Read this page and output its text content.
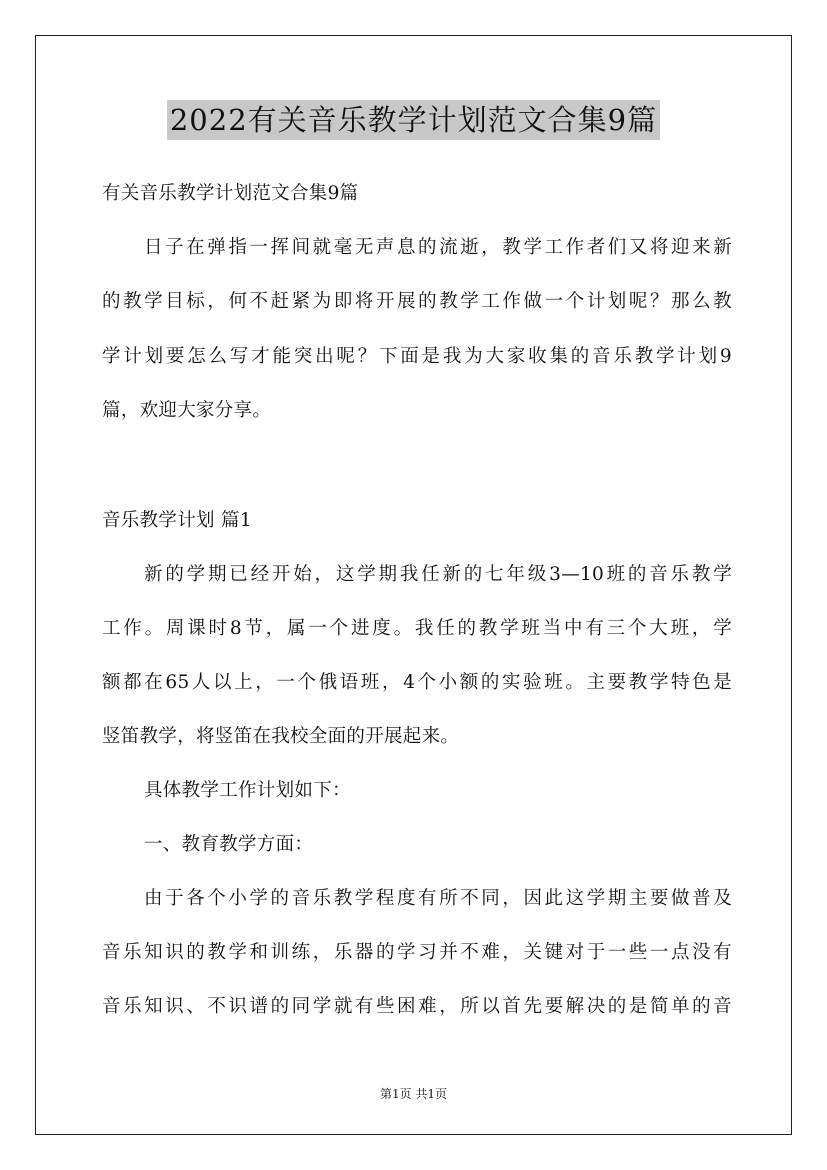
2022有关音乐教学计划范文合集9篇
有关音乐教学计划范文合集9篇
日子在弹指一挥间就毫无声息的流逝，教学工作者们又将迎来新
的教学目标，何不赶紧为即将开展的教学工作做一个计划呢？那么教
学计划要怎么写才能突出呢？下面是我为大家收集的音乐教学计划9
篇，欢迎大家分享。
音乐教学计划 篇1
新的学期已经开始，这学期我任新的七年级3—10班的音乐教学
工作。周课时8节，属一个进度。我任的教学班当中有三个大班，学
额都在65人以上，一个俄语班，4个小额的实验班。主要教学特色是
竖笛教学，将竖笛在我校全面的开展起来。
具体教学工作计划如下：
一、教育教学方面：
由于各个小学的音乐教学程度有所不同，因此这学期主要做普及
音乐知识的教学和训练，乐器的学习并不难，关键对于一些一点没有
音乐知识、不识谱的同学就有些困难，所以首先要解决的是简单的音
第1页 共1页
